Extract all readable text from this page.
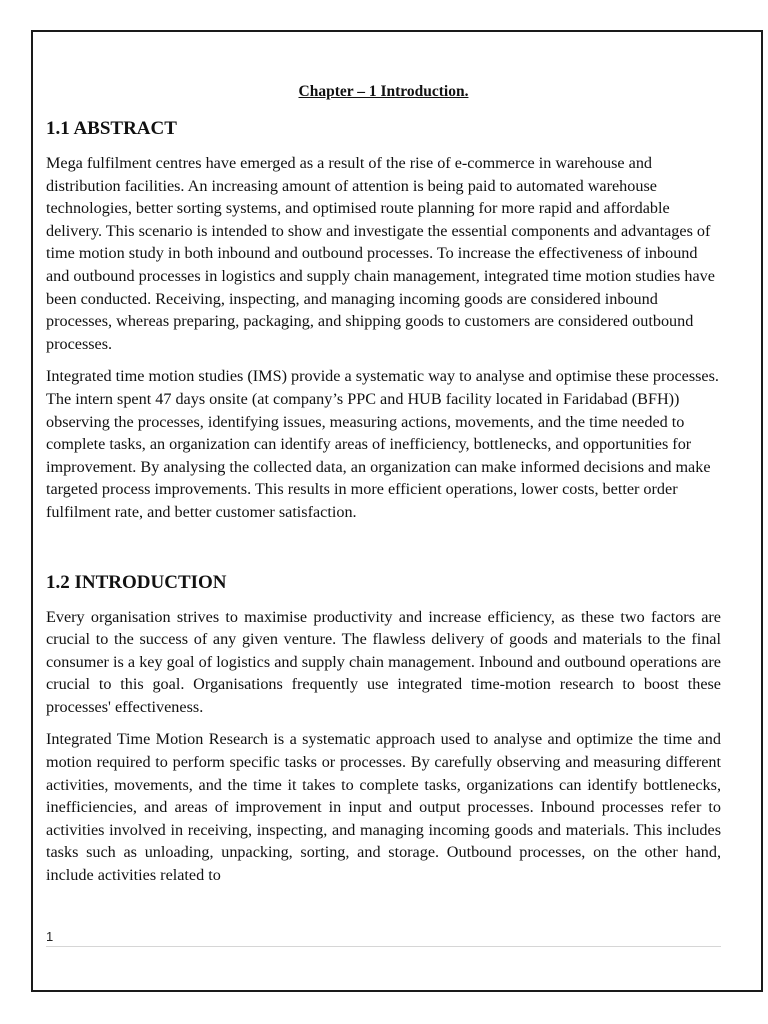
Chapter – 1 Introduction.
1.1 ABSTRACT

Mega fulfilment centres have emerged as a result of the rise of e-commerce in warehouse and distribution facilities. An increasing amount of attention is being paid to automated warehouse technologies, better sorting systems, and optimised route planning for more rapid and affordable delivery. This scenario is intended to show and investigate the essential components and advantages of time motion study in both inbound and outbound processes. To increase the effectiveness of inbound and outbound processes in logistics and supply chain management, integrated time motion studies have been conducted. Receiving, inspecting, and managing incoming goods are considered inbound processes, whereas preparing, packaging, and shipping goods to customers are considered outbound processes.

Integrated time motion studies (IMS) provide a systematic way to analyse and optimise these processes. The intern spent 47 days onsite (at company’s PPC and HUB facility located in Faridabad (BFH)) observing the processes, identifying issues, measuring actions, movements, and the time needed to complete tasks, an organization can identify areas of inefficiency, bottlenecks, and opportunities for improvement. By analysing the collected data, an organization can make informed decisions and make targeted process improvements. This results in more efficient operations, lower costs, better order fulfilment rate, and better customer satisfaction.

1.2 INTRODUCTION

Every organisation strives to maximise productivity and increase efficiency, as these two factors are crucial to the success of any given venture. The flawless delivery of goods and materials to the final consumer is a key goal of logistics and supply chain management. Inbound and outbound operations are crucial to this goal. Organisations frequently use integrated time-motion research to boost these processes' effectiveness.

Integrated Time Motion Research is a systematic approach used to analyse and optimize the time and motion required to perform specific tasks or processes. By carefully observing and measuring different activities, movements, and the time it takes to complete tasks, organizations can identify bottlenecks, inefficiencies, and areas of improvement in input and output processes. Inbound processes refer to activities involved in receiving, inspecting, and managing incoming goods and materials. This includes tasks such as unloading, unpacking, sorting, and storage. Outbound processes, on the other hand, include activities related to

1
